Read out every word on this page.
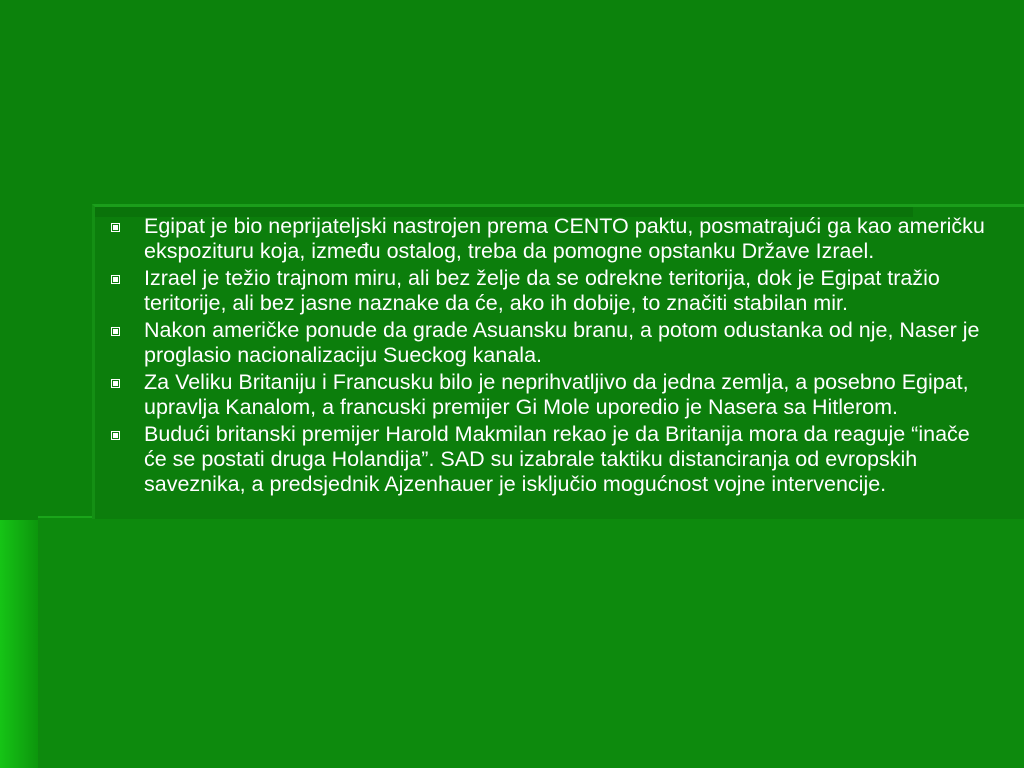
Egipat je bio neprijateljski nastrojen prema CENTO paktu, posmatrajući ga kao američku ekspozituru koja, između ostalog, treba da pomogne opstanku Države Izrael.
Izrael je težio trajnom miru, ali bez želje da se odrekne teritorija, dok je Egipat tražio teritorije, ali bez jasne naznake da će, ako ih dobije, to značiti stabilan mir.
Nakon američke ponude da grade Asuansku branu, a potom odustanka od nje, Naser je proglasio nacionalizaciju Sueckog kanala.
Za Veliku Britaniju i Francusku bilo je neprihvatljivo da jedna zemlja, a posebno Egipat, upravlja Kanalom, a francuski premijer Gi Mole uporedio je Nasera sa Hitlerom.
Budući britanski premijer Harold Makmilan rekao je da Britanija mora da reaguje “inače će se postati druga Holandija”. SAD su izabrale taktiku distanciranja od evropskih saveznika, a predsjednik Ajzenhauer je isključio mogućnost vojne intervencije.
